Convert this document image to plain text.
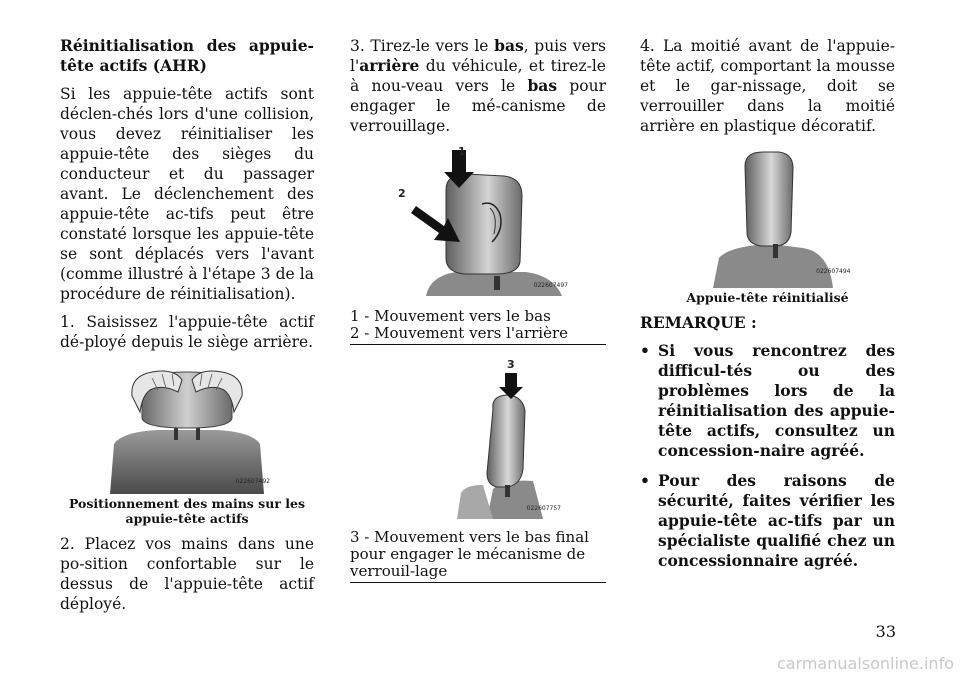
Réinitialisation des appuie-tête actifs (AHR)

Si les appuie-tête actifs sont déclen-chés lors d'une collision, vous devez réinitialiser les appuie-tête des sièges du conducteur et du passager avant. Le déclenchement des appuie-tête ac-tifs peut être constaté lorsque les appuie-tête se sont déplacés vers l'avant (comme illustré à l'étape 3 de la procédure de réinitialisation).

1. Saisissez l'appuie-tête actif dé-ployé depuis le siège arrière.

022607492
Positionnement des mains sur les appuie-tête actifs

2. Placez vos mains dans une po-sition confortable sur le dessus de l'appuie-tête actif déployé.

3. Tirez-le vers le bas, puis vers l'arrière du véhicule, et tirez-le à nou-veau vers le bas pour engager le mé-canisme de verrouillage.

1
2
022607497
1 - Mouvement vers le bas
2 - Mouvement vers l'arrière
3
022607757
3 - Mouvement vers le bas final pour engager le mécanisme de verrouil-lage

4. La moitié avant de l'appuie-tête actif, comportant la mousse et le gar-nissage, doit se verrouiller dans la moitié arrière en plastique décoratif.

022607494
Appuie-tête réinitialisé
REMARQUE :
• Si vous rencontrez des difficul-tés ou des problèmes lors de la réinitialisation des appuie-tête actifs, consultez un concession-naire agréé.
• Pour des raisons de sécurité, faites vérifier les appuie-tête ac-tifs par un spécialiste qualifié chez un concessionnaire agréé.
33
carmanualsonline.info
